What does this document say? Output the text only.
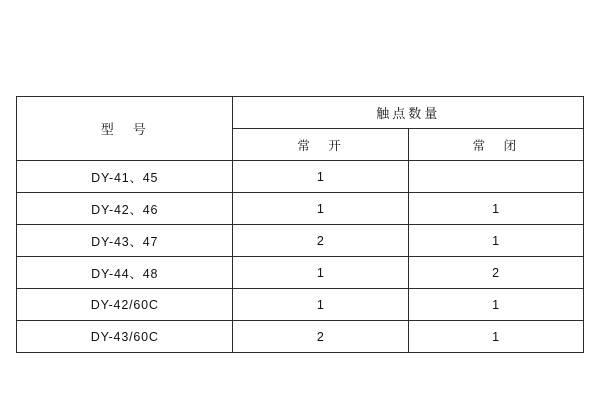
型　号	触点数量	
	常　开	常　闭
DY-41、45	1	
DY-42、46	1	1
DY-43、47	2	1
DY-44、48	1	2
DY-42/60C	1	1
DY-43/60C	2	1
